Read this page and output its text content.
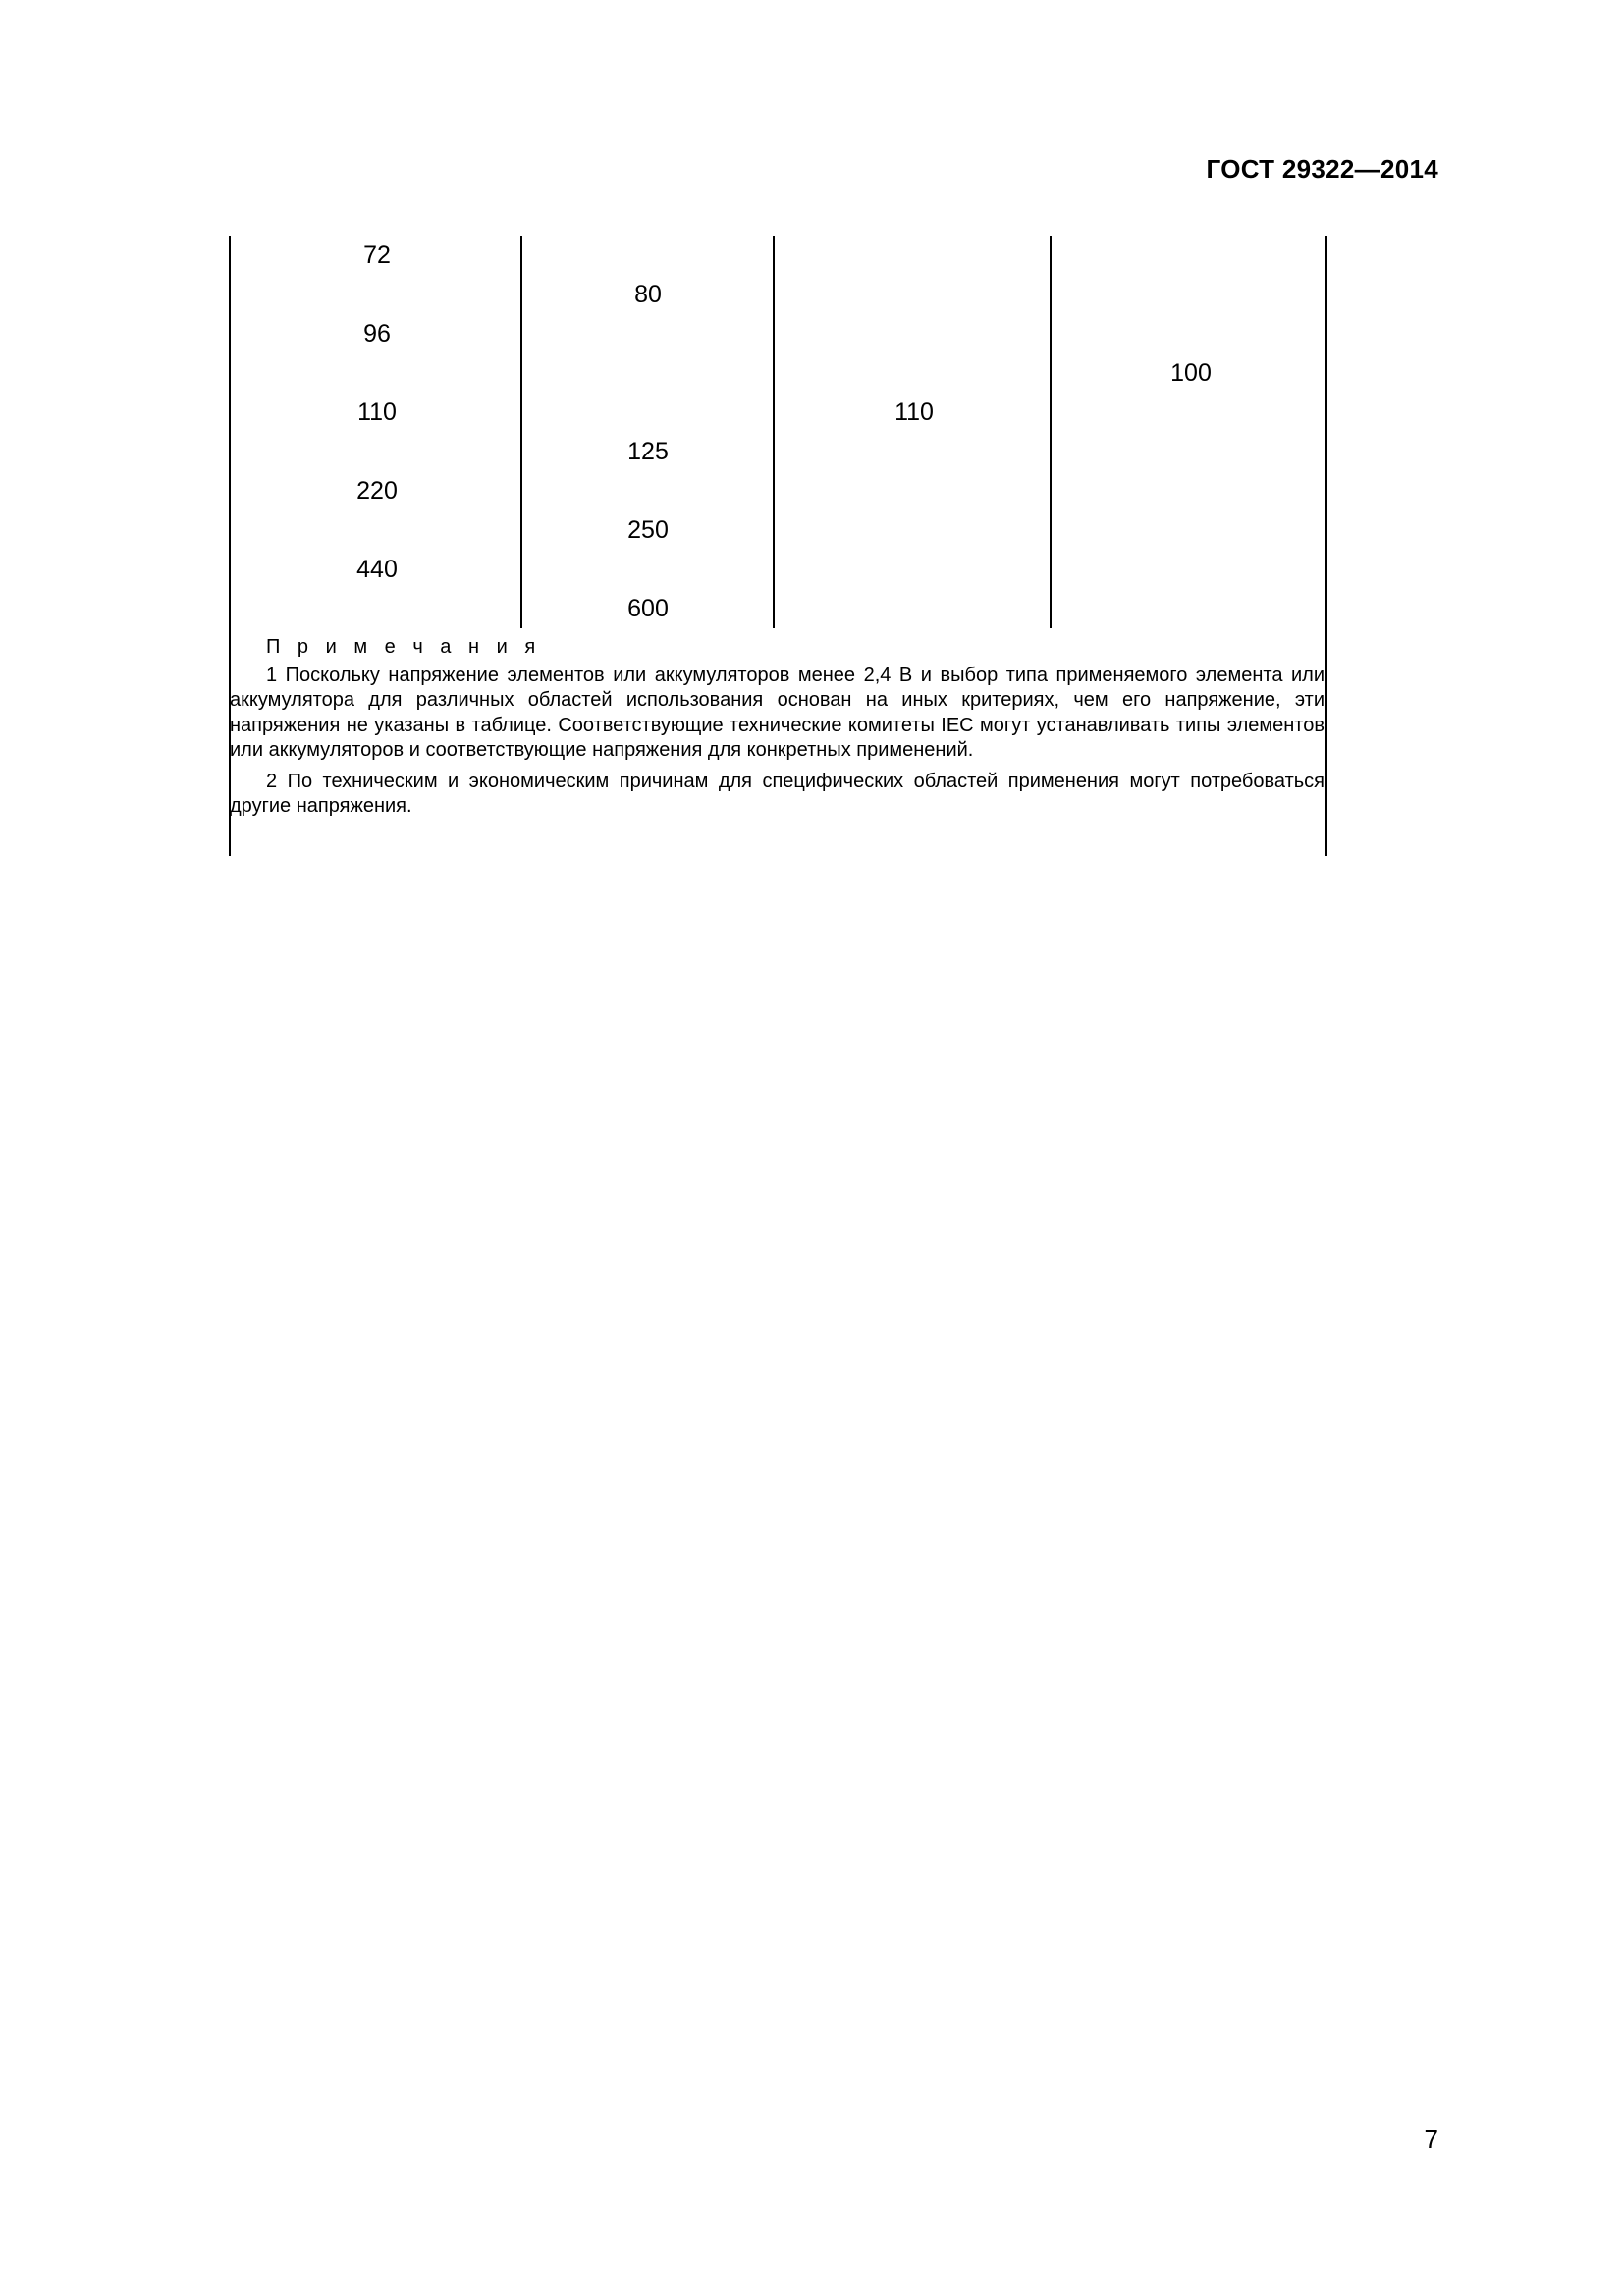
ГОСТ 29322—2014
72
96
110
220
440
80
125
250
600
110
100
П р и м е ч а н и я

1 Поскольку напряжение элементов или аккумуляторов менее 2,4 В и выбор типа применяемого элемента или аккумулятора для различных областей использования основан на иных критериях, чем его напряжение, эти напряжения не указаны в таблице. Соответствующие технические комитеты IEC могут устанавливать типы элементов или аккумуляторов и соответствующие напряжения для конкретных применений.

2 По техническим и экономическим причинам для специфических областей применения могут потребоваться другие напряжения.

7
